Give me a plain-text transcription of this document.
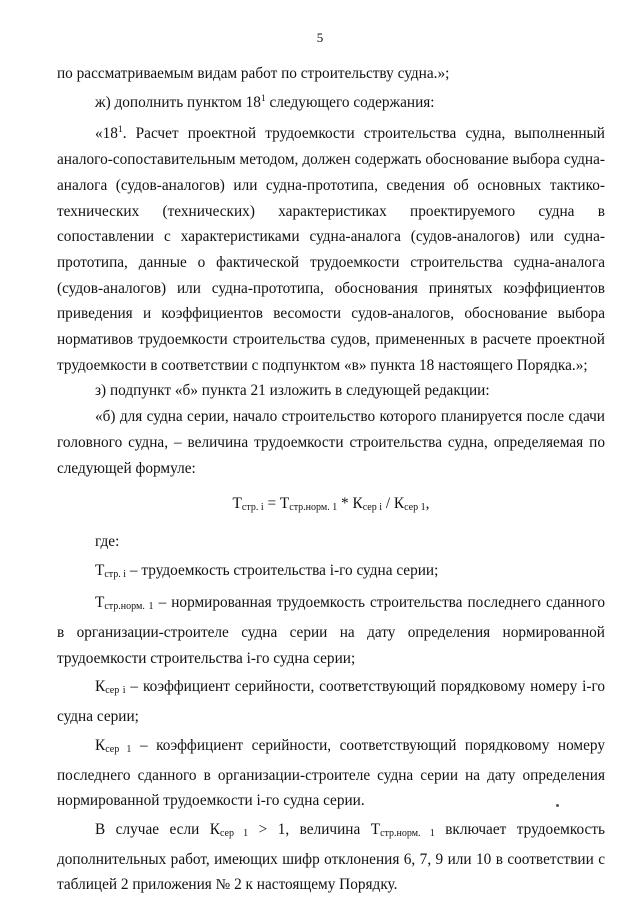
5

по рассматриваемым видам работ по строительству судна.»;

ж) дополнить пунктом $18^1$ следующего содержания:

«$18^1$. Расчет проектной трудоемкости строительства судна, выполненный аналого-сопоставительным методом, должен содержать обоснование выбора судна-аналога (судов-аналогов) или судна-прототипа, сведения об основных тактико-технических (технических) характеристиках проектируемого судна в сопоставлении с характеристиками судна-аналога (судов-аналогов) или судна-прототипа, данные о фактической трудоемкости строительства судна-аналога (судов-аналогов) или судна-прототипа, обоснования принятых коэффициентов приведения и коэффициентов весомости судов-аналогов, обоснование выбора нормативов трудоемкости строительства судов, примененных в расчете проектной трудоемкости в соответствии с подпунктом «в» пункта 18 настоящего Порядка.»;

з) подпункт «б» пункта 21 изложить в следующей редакции:

«б) для судна серии, начало строительство которого планируется после сдачи головного судна, – величина трудоемкости строительства судна, определяемая по следующей формуле:

$Т_{стр. i} = Т_{стр.норм. 1} * К_{сер i} / К_{сер 1}$,

где:

$Т_{стр. i}$ – трудоемкость строительства i-го судна серии;

$Т_{стр.норм. 1}$ – нормированная трудоемкость строительства последнего сданного в организации-строителе судна серии на дату определения нормированной трудоемкости строительства i-го судна серии;

$К_{сер i}$ – коэффициент серийности, соответствующий порядковому номеру i-го судна серии;

$К_{сер 1}$ – коэффициент серийности, соответствующий порядковому номеру последнего сданного в организации-строителе судна серии на дату определения нормированной трудоемкости i-го судна серии.

В случае если $К_{сер 1} > 1$, величина $Т_{стр.норм. 1}$ включает трудоемкость дополнительных работ, имеющих шифр отклонения 6, 7, 9 или 10 в соответствии с таблицей 2 приложения № 2 к настоящему Порядку.
